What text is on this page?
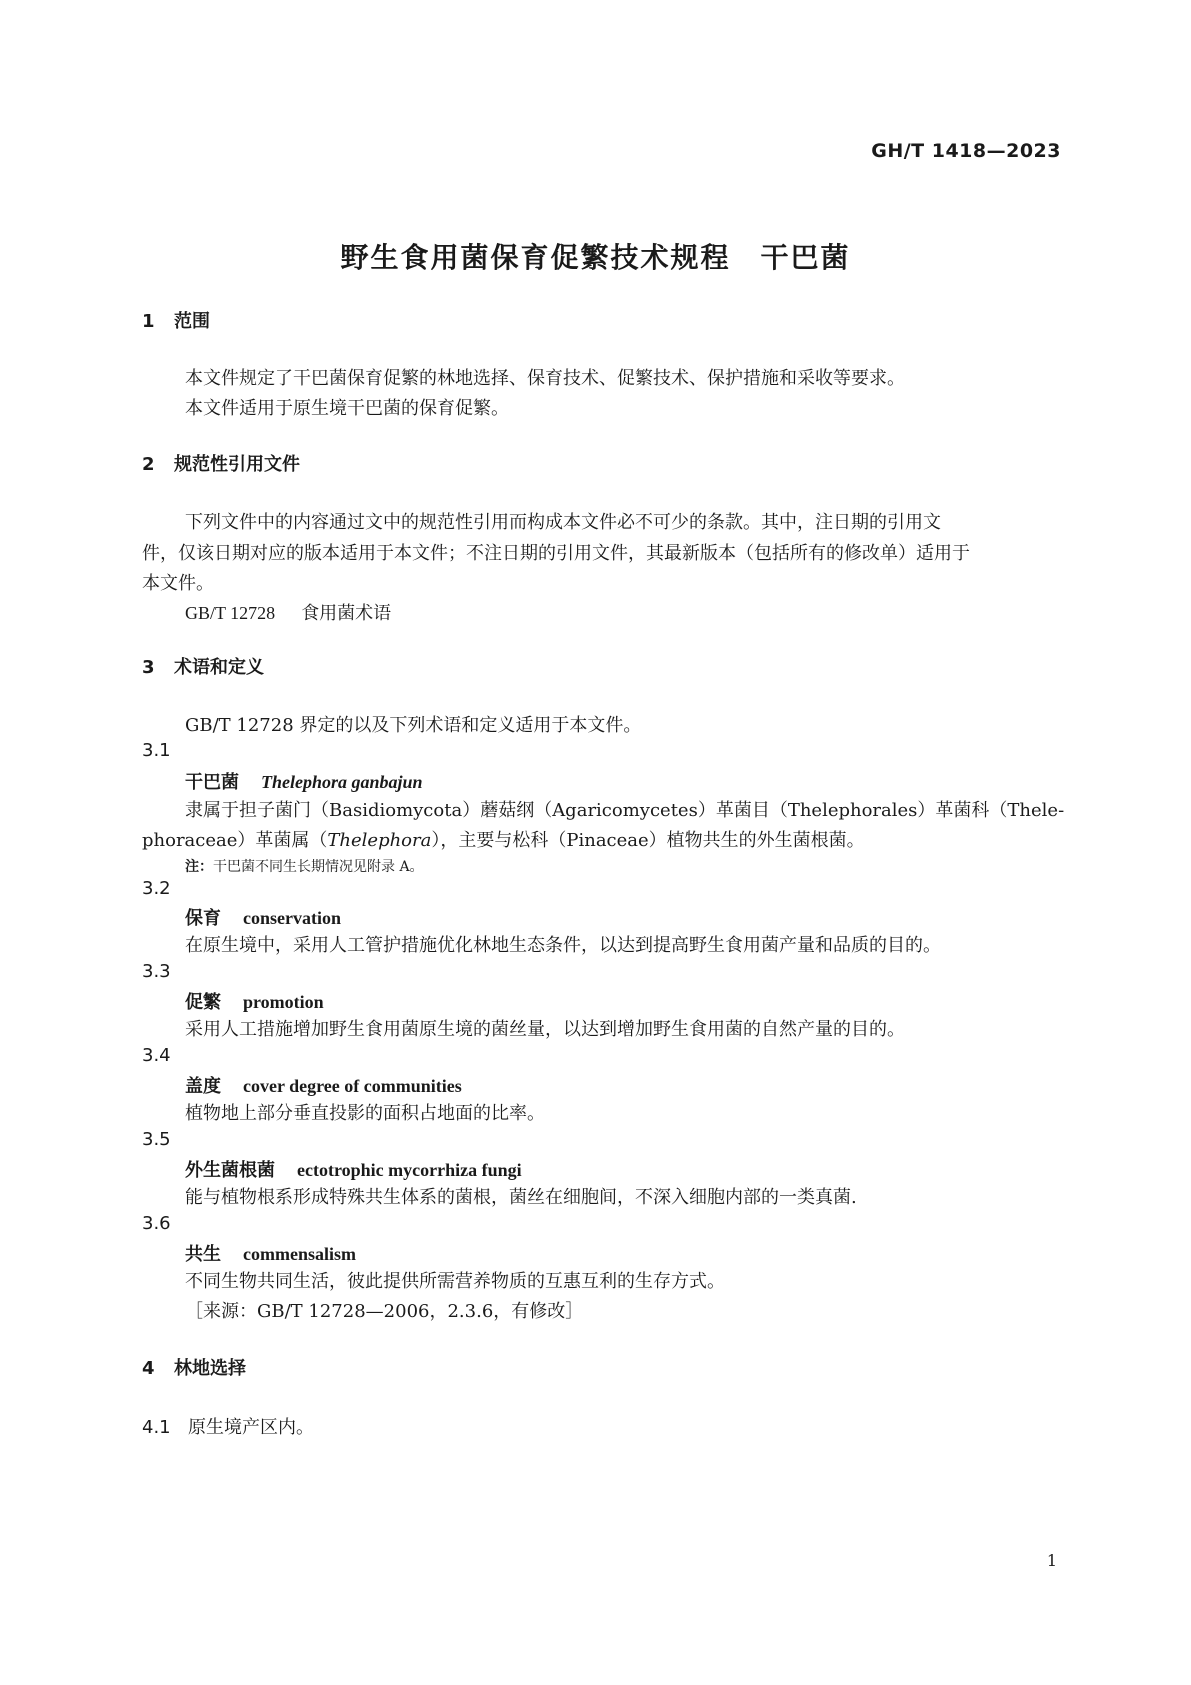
GH/T 1418—2023
野生食用菌保育促繁技术规程　干巴菌
1 范围
本文件规定了干巴菌保育促繁的林地选择、保育技术、促繁技术、保护措施和采收等要求。
本文件适用于原生境干巴菌的保育促繁。
2 规范性引用文件
下列文件中的内容通过文中的规范性引用而构成本文件必不可少的条款。其中，注日期的引用文
件，仅该日期对应的版本适用于本文件；不注日期的引用文件，其最新版本（包括所有的修改单）适用于
本文件。
GB/T 12728 食用菌术语
3 术语和定义
GB/T 12728 界定的以及下列术语和定义适用于本文件。
3.1
干巴菌 Thelephora ganbajun
隶属于担子菌门（Basidiomycota）蘑菇纲（Agaricomycetes）革菌目（Thelephorales）革菌科（Thele-
phoraceae）革菌属（Thelephora），主要与松科（Pinaceae）植物共生的外生菌根菌。
注：干巴菌不同生长期情况见附录 A。
3.2
保育 conservation
在原生境中，采用人工管护措施优化林地生态条件，以达到提高野生食用菌产量和品质的目的。
3.3
促繁 promotion
采用人工措施增加野生食用菌原生境的菌丝量，以达到增加野生食用菌的自然产量的目的。
3.4
盖度 cover degree of communities
植物地上部分垂直投影的面积占地面的比率。
3.5
外生菌根菌 ectotrophic mycorrhiza fungi
能与植物根系形成特殊共生体系的菌根，菌丝在细胞间，不深入细胞内部的一类真菌.
3.6
共生 commensalism
不同生物共同生活，彼此提供所需营养物质的互惠互利的生存方式。
［来源：GB/T 12728—2006，2.3.6，有修改］
4 林地选择
4.1 原生境产区内。
1
